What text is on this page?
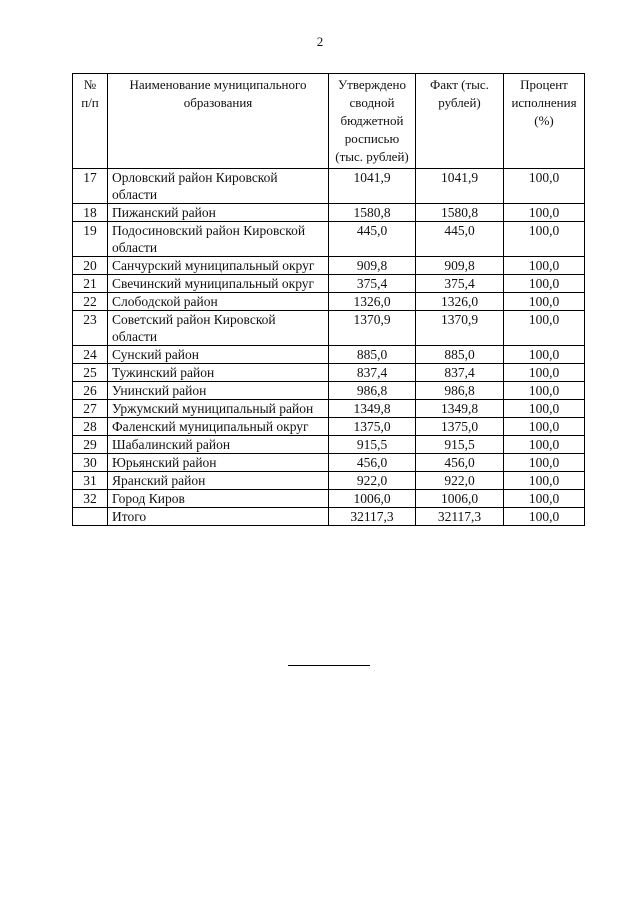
2
№ п/п	Наименование муниципального образования	Утверждено сводной бюджетной росписью (тыс. рублей)	Факт (тыс. рублей)	Процент исполнения (%)
17	Орловский район Кировской области	1041,9	1041,9	100,0
18	Пижанский район	1580,8	1580,8	100,0
19	Подосиновский район Кировской области	445,0	445,0	100,0
20	Санчурский муниципальный округ	909,8	909,8	100,0
21	Свечинский муниципальный округ	375,4	375,4	100,0
22	Слободской район	1326,0	1326,0	100,0
23	Советский район Кировской области	1370,9	1370,9	100,0
24	Сунский район	885,0	885,0	100,0
25	Тужинский район	837,4	837,4	100,0
26	Унинский район	986,8	986,8	100,0
27	Уржумский муниципальный район	1349,8	1349,8	100,0
28	Фаленский муниципальный округ	1375,0	1375,0	100,0
29	Шабалинский район	915,5	915,5	100,0
30	Юрьянский район	456,0	456,0	100,0
31	Яранский район	922,0	922,0	100,0
32	Город Киров	1006,0	1006,0	100,0
	Итого	32117,3	32117,3	100,0
